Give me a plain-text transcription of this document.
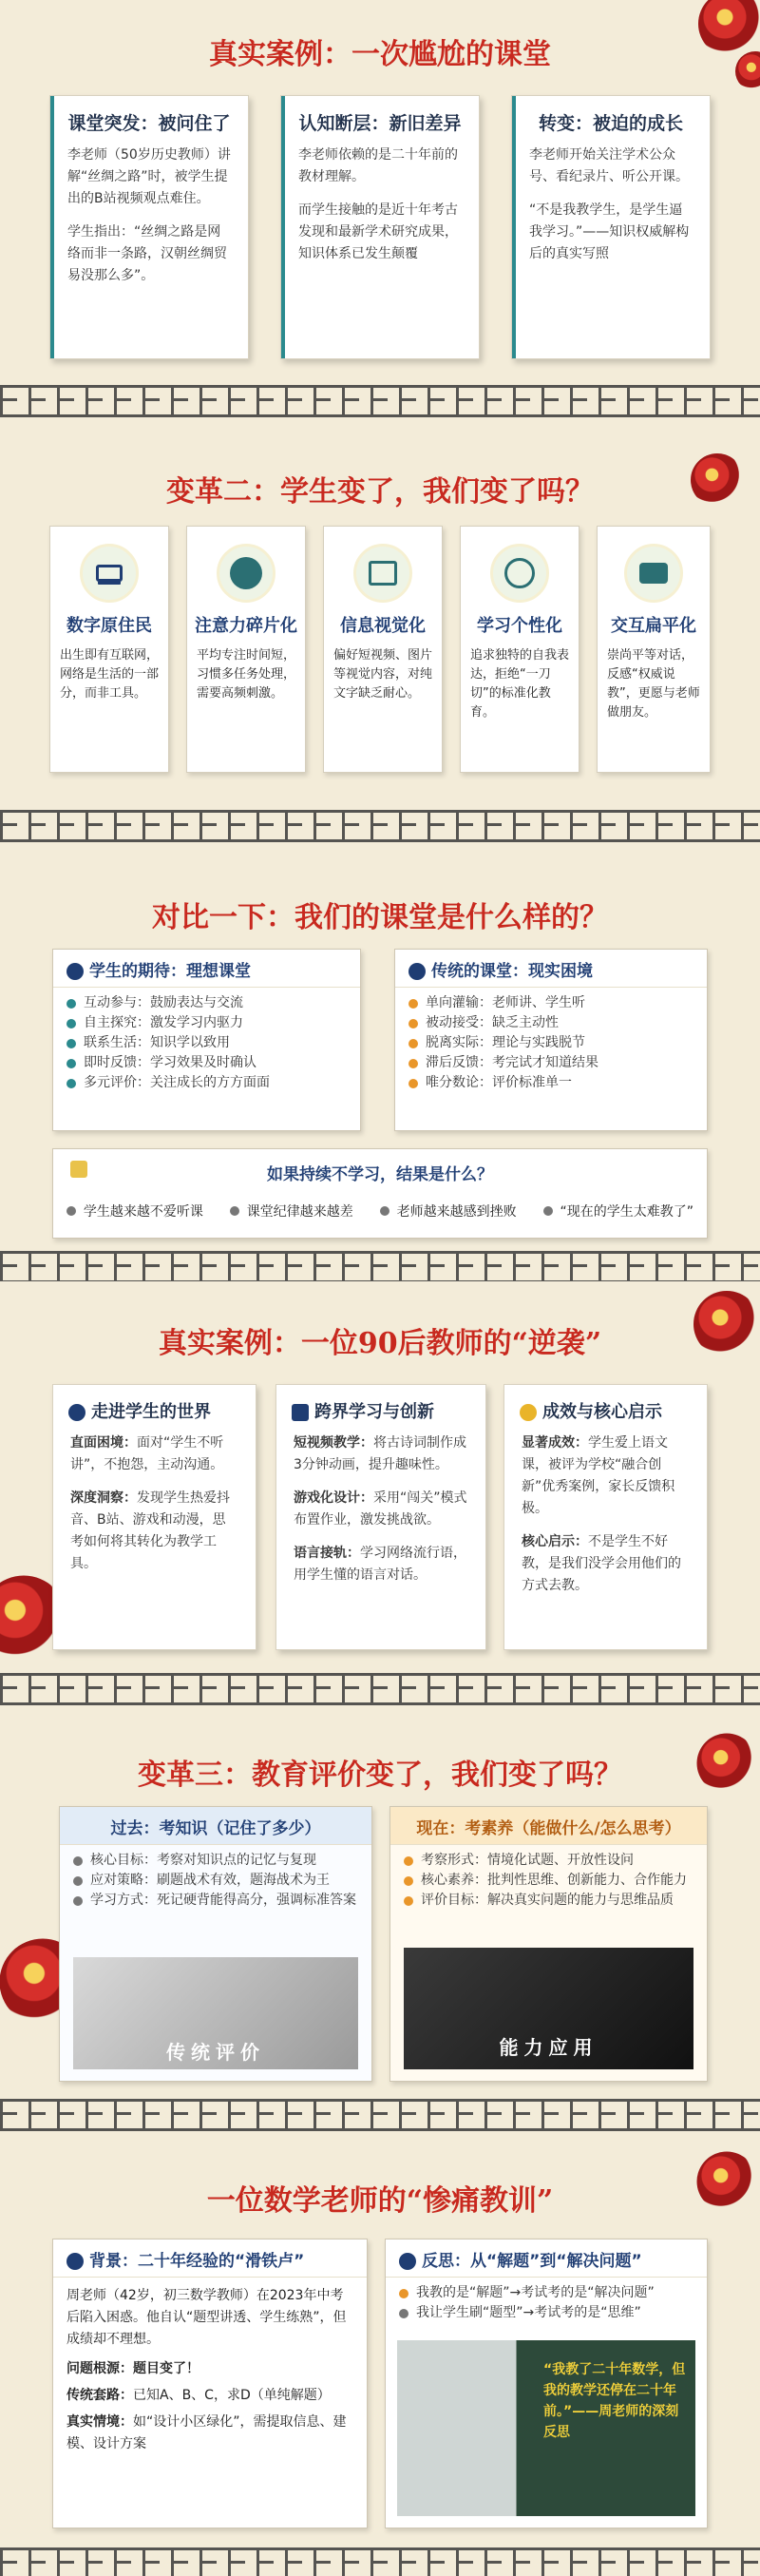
真实案例：一次尴尬的课堂
课堂突发：被问住了

李老师（50岁历史教师）讲解“丝绸之路”时，被学生提出的B站视频观点难住。

学生指出：“丝绸之路是网络而非一条路，汉朝丝绸贸易没那么多”。

认知断层：新旧差异

李老师依赖的是二十年前的教材理解。

而学生接触的是近十年考古发现和最新学术研究成果，知识体系已发生颠覆

转变：被迫的成长

李老师开始关注学术公众号、看纪录片、听公开课。

“不是我教学生，是学生逼我学习。”——知识权威解构后的真实写照

变革二：学生变了，我们变了吗？
数字原住民

出生即有互联网，网络是生活的一部分，而非工具。

注意力碎片化

平均专注时间短，习惯多任务处理，需要高频刺激。

信息视觉化

偏好短视频、图片等视觉内容，对纯文字缺乏耐心。

学习个性化

追求独特的自我表达，拒绝“一刀切”的标准化教育。

交互扁平化

崇尚平等对话，反感“权威说教”，更愿与老师做朋友。

对比一下：我们的课堂是什么样的？
学生的期待：理想课堂
互动参与：鼓励表达与交流
自主探究：激发学习内驱力
联系生活：知识学以致用
即时反馈：学习效果及时确认
多元评价：关注成长的方方面面
传统的课堂：现实困境
单向灌输：老师讲、学生听
被动接受：缺乏主动性
脱离实际：理论与实践脱节
滞后反馈：考完试才知道结果
唯分数论：评价标准单一
如果持续不学习，结果是什么？
学生越来越不爱听课	课堂纪律越来越差	老师越来越感到挫败	“现在的学生太难教了”
真实案例：一位90后教师的“逆袭”
走进学生的世界

直面困境：面对“学生不听讲”，不抱怨，主动沟通。

深度洞察：发现学生热爱抖音、B站、游戏和动漫，思考如何将其转化为教学工具。

跨界学习与创新

短视频教学：将古诗词制作成3分钟动画，提升趣味性。

游戏化设计：采用“闯关”模式布置作业，激发挑战欲。

语言接轨：学习网络流行语，用学生懂的语言对话。

成效与核心启示

显著成效：学生爱上语文课，被评为学校“融合创新”优秀案例，家长反馈积极。

核心启示：不是学生不好教，是我们没学会用他们的方式去教。

变革三：教育评价变了，我们变了吗？
过去：考知识（记住了多少）
核心目标：考察对知识点的记忆与复现
应对策略：刷题战术有效，题海战术为王
学习方式：死记硬背能得高分，强调标准答案
传统评价
现在：考素养（能做什么/怎么思考）
考察形式：情境化试题、开放性设问
核心素养：批判性思维、创新能力、合作能力
评价目标：解决真实问题的能力与思维品质
能力应用
一位数学老师的“惨痛教训”
背景：二十年经验的“滑铁卢”

周老师（42岁，初三数学教师）在2023年中考后陷入困惑。他自认“题型讲透、学生练熟”，但成绩却不理想。

问题根源：题目变了！

传统套路：已知A、B、C，求D（单纯解题）

真实情境：如“设计小区绿化”，需提取信息、建模、设计方案

反思：从“解题”到“解决问题”
我教的是“解题”→考试考的是“解决问题”
我让学生刷“题型”→考试考的是“思维”
“我教了二十年数学，但我的教学还停在二十年前。”——周老师的深刻反思
